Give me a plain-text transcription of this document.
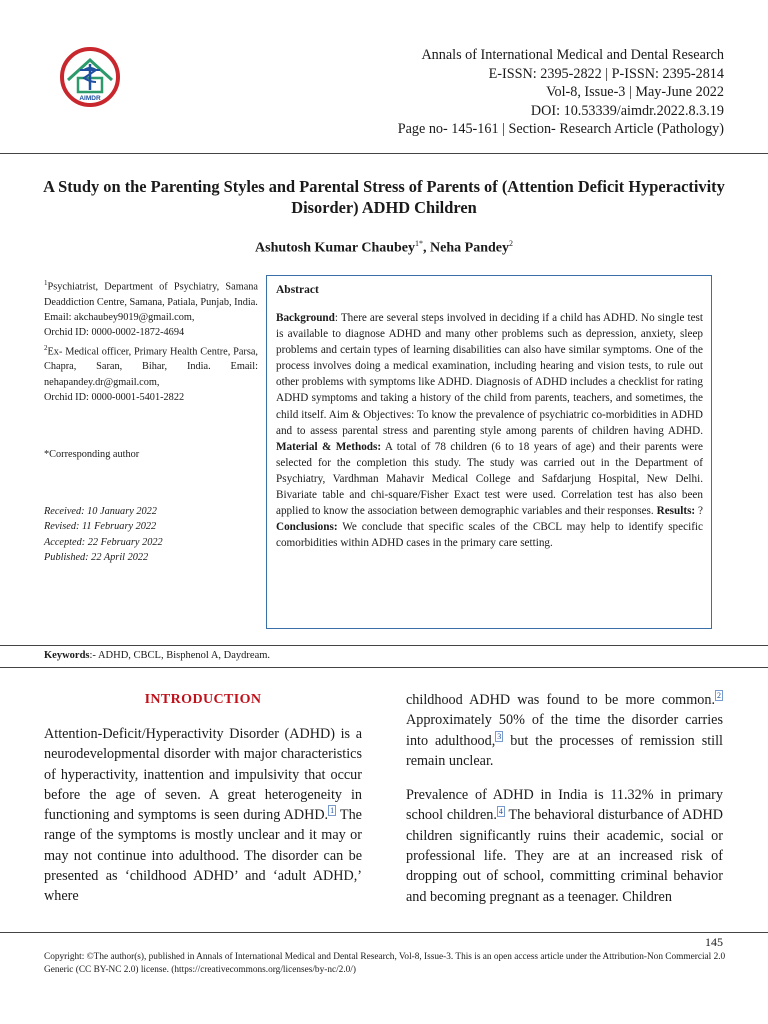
AIMDR
Annals of International Medical and Dental Research
E-ISSN: 2395-2822 | P-ISSN: 2395-2814
Vol-8, Issue-3 | May-June 2022
DOI: 10.53339/aimdr.2022.8.3.19
Page no- 145-161 | Section- Research Article (Pathology)
A Study on the Parenting Styles and Parental Stress of Parents of (Attention Deficit Hyperactivity Disorder) ADHD Children
Ashutosh Kumar Chaubey$^{1*}$, Neha Pandey$^2$

$^1$Psychiatrist, Department of Psychiatry, Samana Deaddiction Centre, Samana, Patiala, Punjab, India.

Email: akchaubey9019@gmail.com,

Orchid ID: 0000-0002-1872-4694

$^2$Ex- Medical officer, Primary Health Centre, Parsa, Chapra, Saran, Bihar, India. Email: nehapandey.dr@gmail.com,

Orchid ID: 0000-0001-5401-2822

*Corresponding author
Received: 10 January 2022
Revised: 11 February 2022
Accepted: 22 February 2022
Published: 22 April 2022
Abstract

Background: There are several steps involved in deciding if a child has ADHD. No single test is available to diagnose ADHD and many other problems such as depression, anxiety, sleep problems and certain types of learning disabilities can also have similar symptoms. One of the process involves doing a medical examination, including hearing and vision tests, to rule out other problems with symptoms like ADHD. Diagnosis of ADHD includes a checklist for rating ADHD symptoms and taking a history of the child from parents, teachers, and sometimes, the child itself. Aim & Objectives: To know the prevalence of psychiatric co-morbidities in ADHD and to assess parental stress and parenting style among parents of children having ADHD. Material & Methods: A total of 78 children (6 to 18 years of age) and their parents were selected for the completion this study. The study was carried out in the Department of Psychiatry, Vardhman Mahavir Medical College and Safdarjung Hospital, New Delhi. Bivariate table and chi-square/Fisher Exact test were used. Correlation test has also been applied to know the association between demographic variables and their responses. Results: ? Conclusions: We conclude that specific scales of the CBCL may help to identify specific comorbidities within ADHD cases in the primary care setting.

Keywords:- ADHD, CBCL, Bisphenol A, Daydream.
INTRODUCTION
Attention-Deficit/Hyperactivity Disorder (ADHD) is a neurodevelopmental disorder with major characteristics of hyperactivity, inattention and impulsivity that occur before the age of seven. A great heterogeneity in functioning and symptoms is seen during ADHD. $^1$ The range of the symptoms is mostly unclear and it may or may not continue into adulthood. The disorder can be presented as ‘childhood ADHD’ and ‘adult ADHD,’ where

childhood ADHD was found to be more common. $^2$ Approximately 50% of the time the disorder carries into adulthood, $^3$ but the processes of remission still remain unclear.

Prevalence of ADHD in India is 11.32% in primary school children. $^4$ The behavioral disturbance of ADHD children significantly ruins their academic, social or professional life. They are at an increased risk of dropping out of school, committing criminal behavior and becoming pregnant as a teenager. Children

145
Copyright: ©The author(s), published in Annals of International Medical and Dental Research, Vol-8, Issue-3. This is an open access article under the Attribution-Non Commercial 2.0 Generic (CC BY-NC 2.0) license. (https://creativecommons.org/licenses/by-nc/2.0/)
